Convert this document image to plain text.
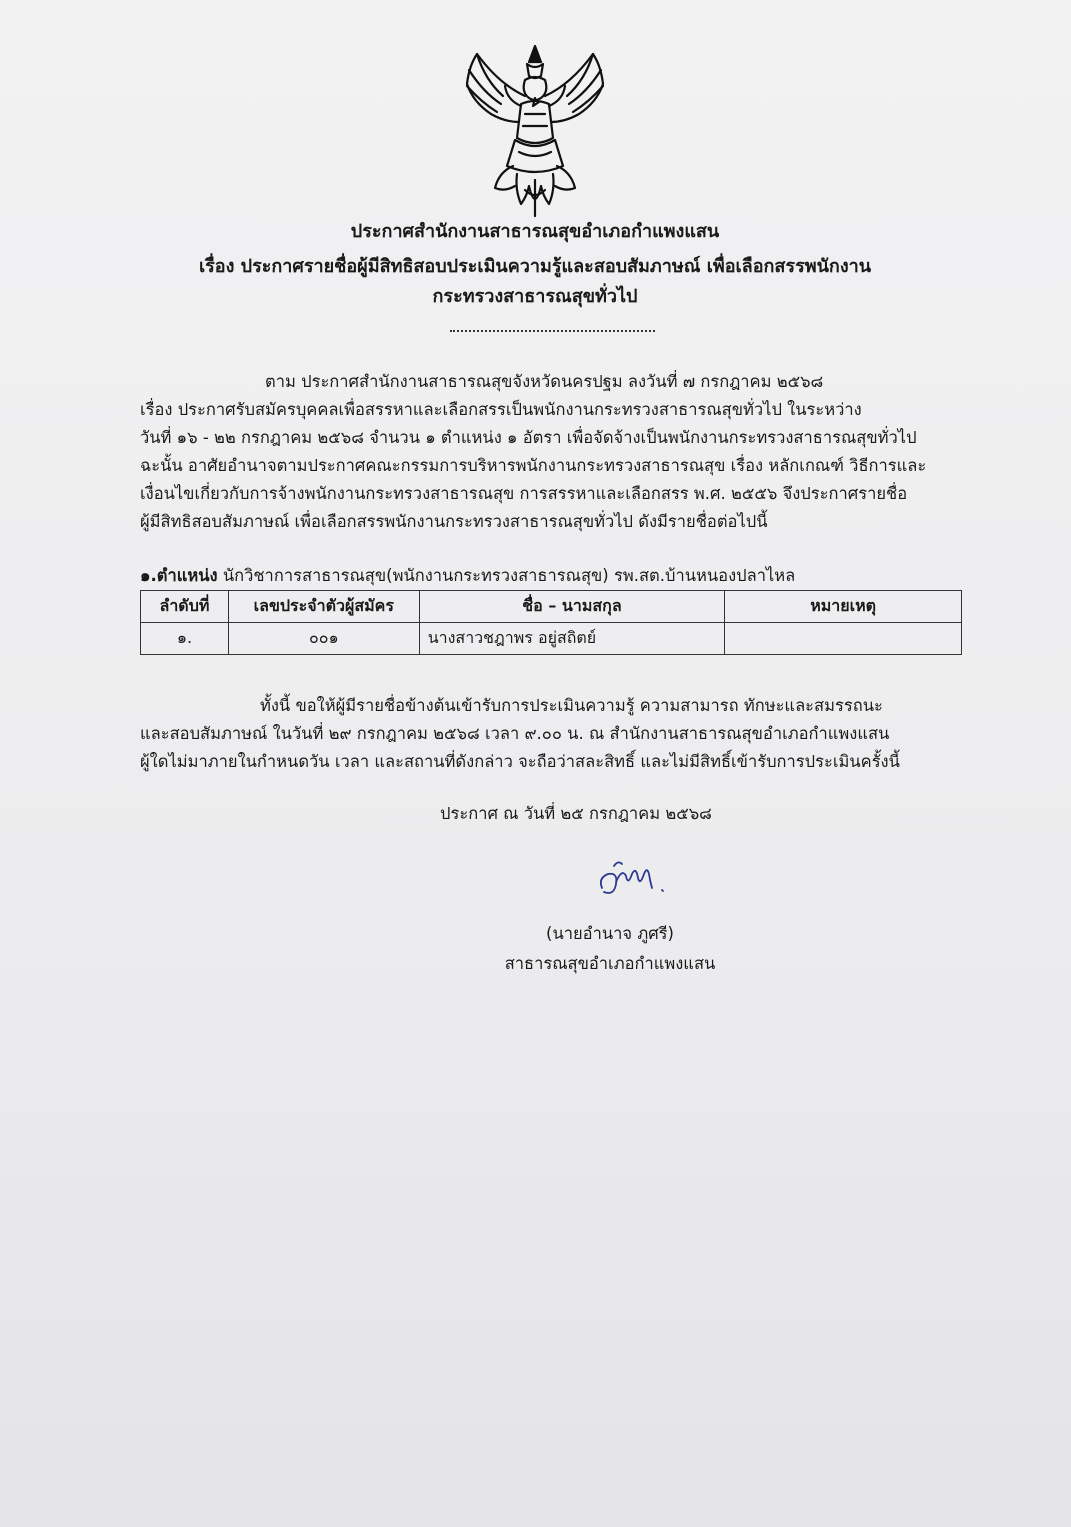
ประกาศสำนักงานสาธารณสุขอำเภอกำแพงแสน
เรื่อง ประกาศรายชื่อผู้มีสิทธิสอบประเมินความรู้และสอบสัมภาษณ์ เพื่อเลือกสรรพนักงาน
กระทรวงสาธารณสุขทั่วไป
ตาม ประกาศสำนักงานสาธารณสุขจังหวัดนครปฐม ลงวันที่ ๗ กรกฎาคม ๒๕๖๘
เรื่อง ประกาศรับสมัครบุคคลเพื่อสรรหาและเลือกสรรเป็นพนักงานกระทรวงสาธารณสุขทั่วไป ในระหว่าง
วันที่ ๑๖ - ๒๒ กรกฎาคม ๒๕๖๘ จำนวน ๑ ตำแหน่ง ๑ อัตรา เพื่อจัดจ้างเป็นพนักงานกระทรวงสาธารณสุขทั่วไป
ฉะนั้น อาศัยอำนาจตามประกาศคณะกรรมการบริหารพนักงานกระทรวงสาธารณสุข เรื่อง หลักเกณฑ์ วิธีการและ
เงื่อนไขเกี่ยวกับการจ้างพนักงานกระทรวงสาธารณสุข การสรรหาและเลือกสรร พ.ศ. ๒๕๕๖ จึงประกาศรายชื่อ
ผู้มีสิทธิสอบสัมภาษณ์ เพื่อเลือกสรรพนักงานกระทรวงสาธารณสุขทั่วไป ดังมีรายชื่อต่อไปนี้
๑.ตำแหน่ง นักวิชาการสาธารณสุข(พนักงานกระทรวงสาธารณสุข) รพ.สต.บ้านหนองปลาไหล
ลำดับที่	เลขประจำตัวผู้สมัคร	ชื่อ – นามสกุล	หมายเหตุ
๑.	๐๐๑	นางสาวชฎาพร อยู่สถิตย์	
ทั้งนี้ ขอให้ผู้มีรายชื่อข้างต้นเข้ารับการประเมินความรู้ ความสามารถ ทักษะและสมรรถนะ
และสอบสัมภาษณ์ ในวันที่ ๒๙ กรกฎาคม ๒๕๖๘ เวลา ๙.๐๐ น. ณ สำนักงานสาธารณสุขอำเภอกำแพงแสน
ผู้ใดไม่มาภายในกำหนดวัน เวลา และสถานที่ดังกล่าว จะถือว่าสละสิทธิ์ และไม่มีสิทธิ์เข้ารับการประเมินครั้งนี้
ประกาศ ณ วันที่ ๒๕ กรกฎาคม ๒๕๖๘
(นายอำนาจ ภูศรี)
สาธารณสุขอำเภอกำแพงแสน
